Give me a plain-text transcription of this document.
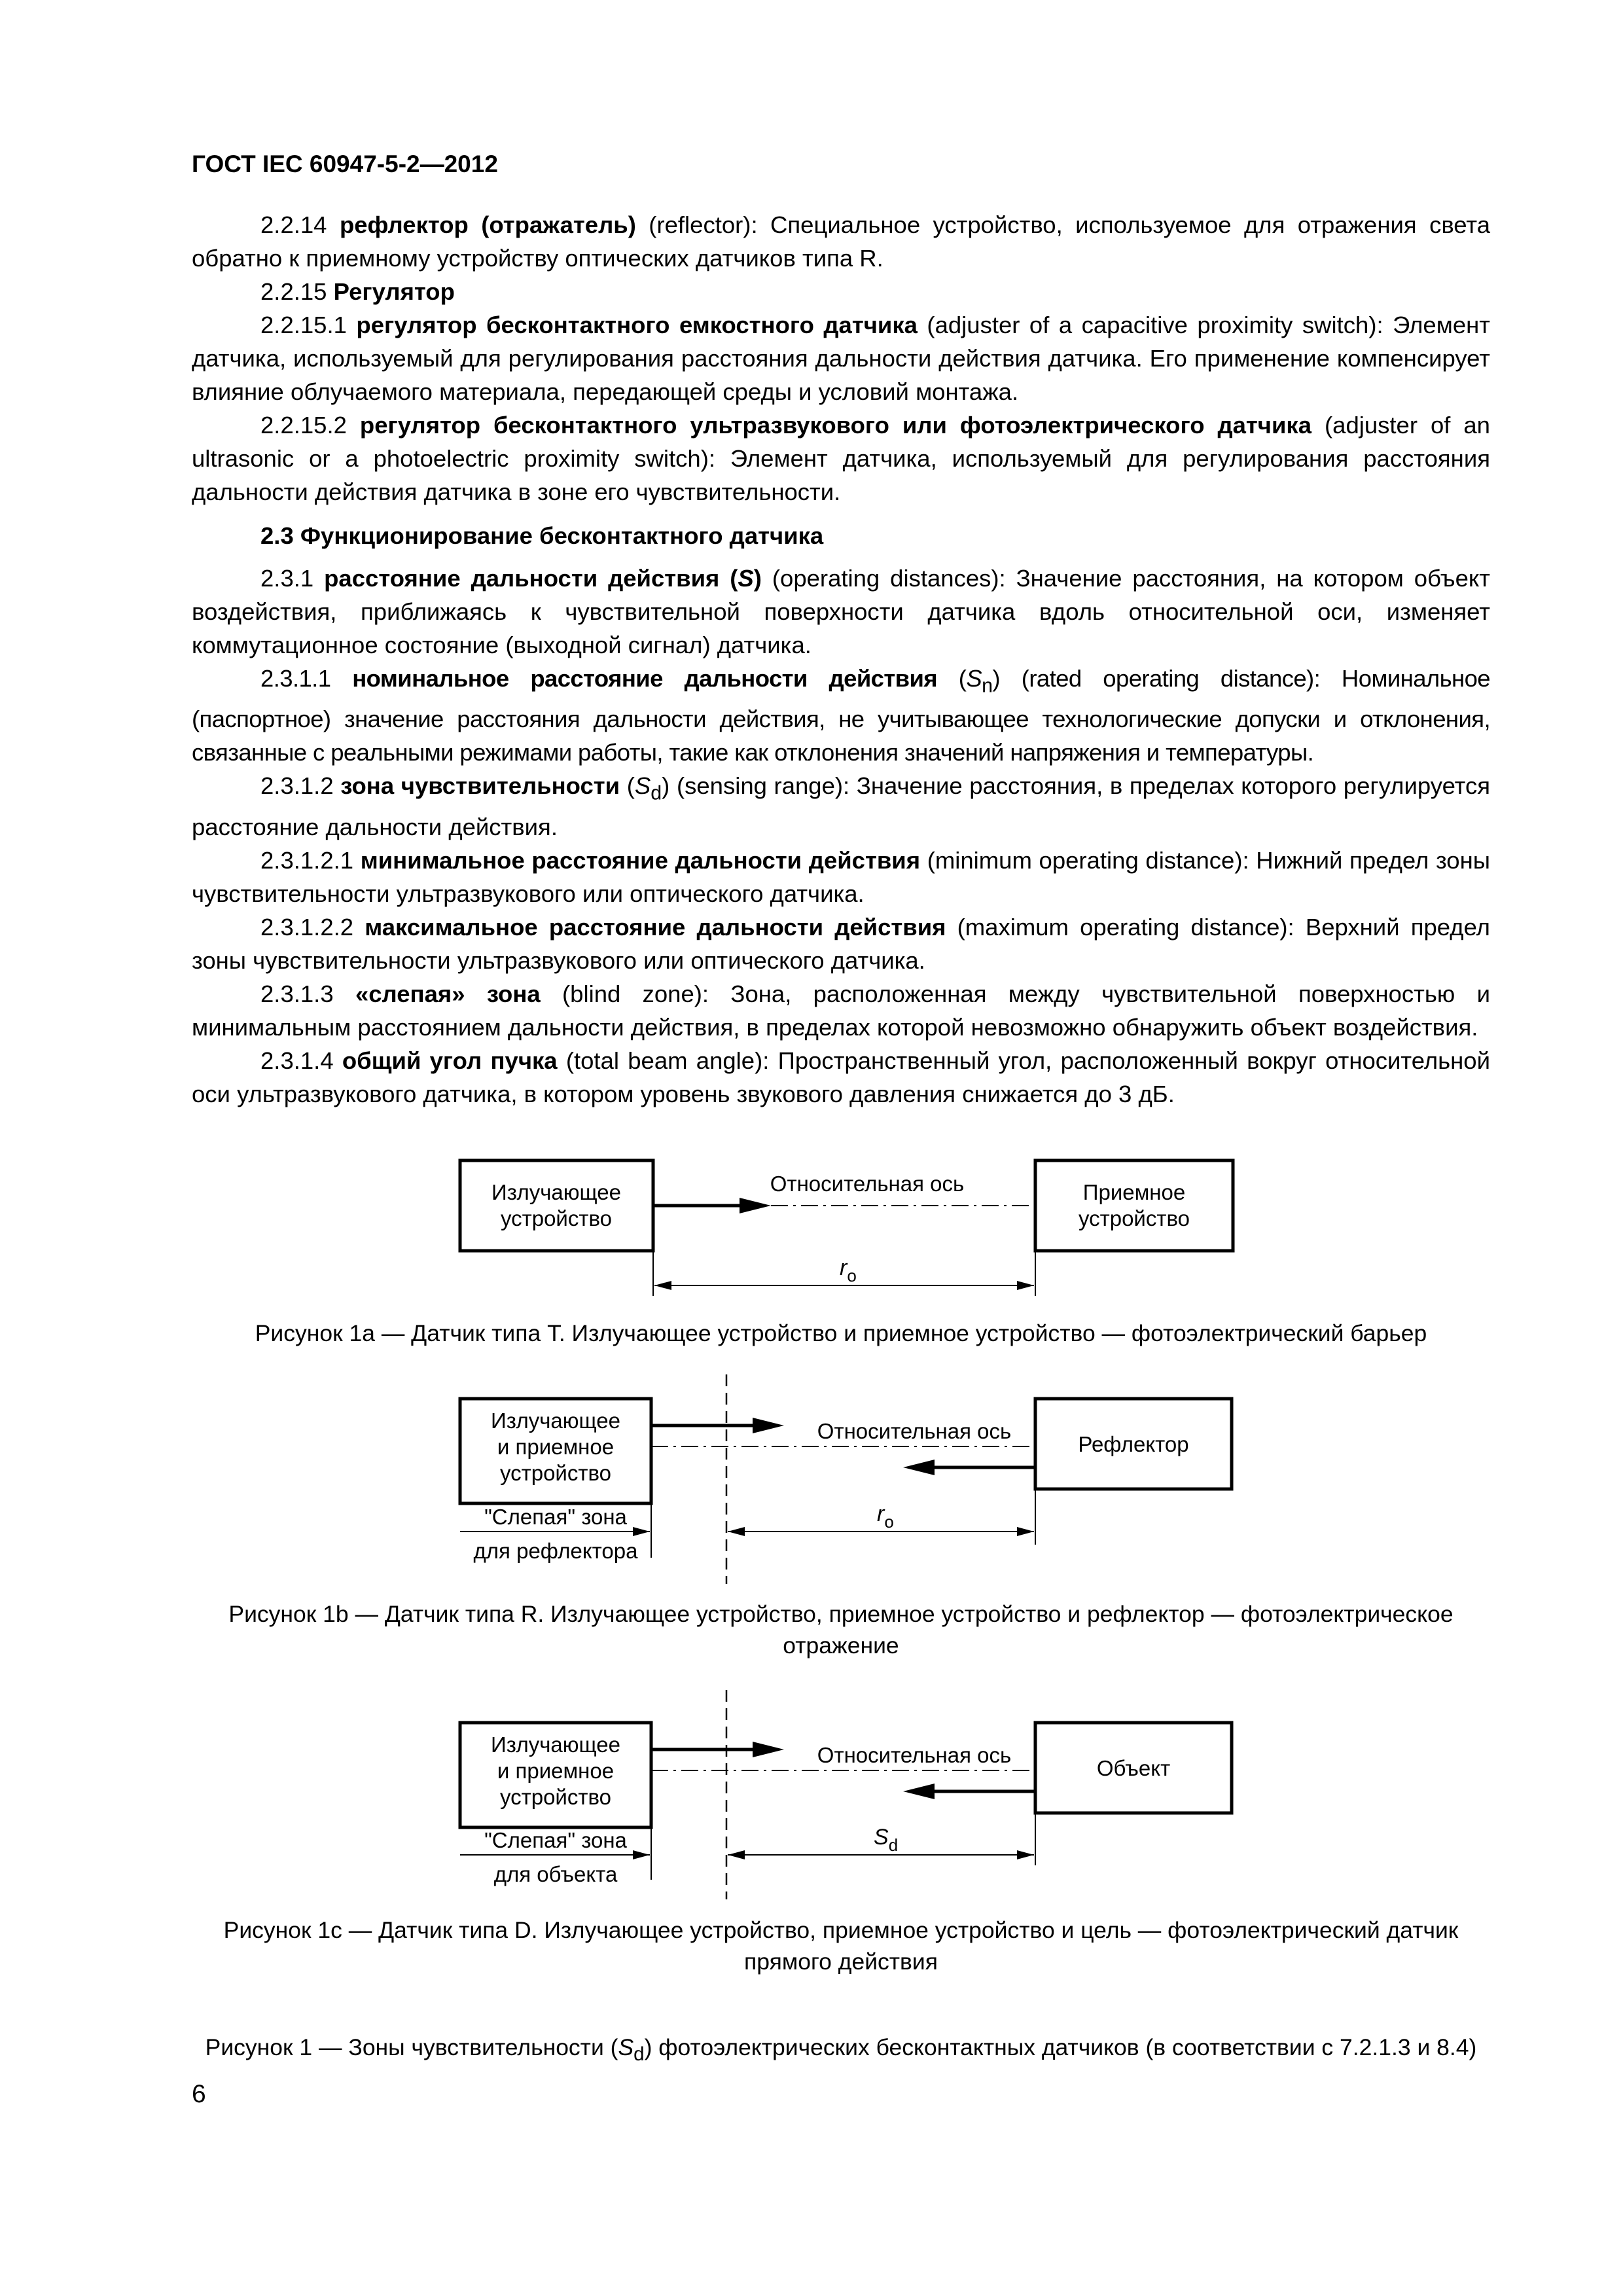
ГОСТ IEC 60947-5-2—2012

2.2.14 рефлектор (отражатель) (reflector): Специальное устройство, используемое для отражения света обратно к приемному устройству оптических датчиков типа R.

2.2.15 Регулятор

2.2.15.1 регулятор бесконтактного емкостного датчика (adjuster of a capacitive proximity switch): Элемент датчика, используемый для регулирования расстояния дальности действия датчика. Его применение компенсирует влияние облучаемого материала, передающей среды и условий монтажа.

2.2.15.2 регулятор бесконтактного ультразвукового или фотоэлектрического датчика (adjuster of an ultrasonic or a photoelectric proximity switch): Элемент датчика, используемый для регулирования расстояния дальности действия датчика в зоне его чувствительности.

2.3 Функционирование бесконтактного датчика

2.3.1 расстояние дальности действия (S) (operating distances): Значение расстояния, на котором объект воздействия, приближаясь к чувствительной поверхности датчика вдоль относительной оси, изменяет коммутационное состояние (выходной сигнал) датчика.

2.3.1.1 номинальное расстояние дальности действия $(S_n)$ (rated operating distance): Номинальное (паспортное) значение расстояния дальности действия, не учитывающее технологические допуски и отклонения, связанные с реальными режимами работы, такие как отклонения значений напряжения и температуры.

2.3.1.2 зона чувствительности $(S_d)$ (sensing range): Значение расстояния, в пределах которого регулируется расстояние дальности действия.

2.3.1.2.1 минимальное расстояние дальности действия (minimum operating distance): Нижний предел зоны чувствительности ультразвукового или оптического датчика.

2.3.1.2.2 максимальное расстояние дальности действия (maximum operating distance): Верхний предел зоны чувствительности ультразвукового или оптического датчика.

2.3.1.3 «слепая» зона (blind zone): Зона, расположенная между чувствительной поверхностью и минимальным расстоянием дальности действия, в пределах которой невозможно обнаружить объект воздействия.

2.3.1.4 общий угол пучка (total beam angle): Пространственный угол, расположенный вокруг относительной оси ультразвукового датчика, в котором уровень звукового давления снижается до 3 дБ.

Относительная ось
Излучающее
устройство
Приемное
устройство
$r_o$
Рисунок 1а — Датчик типа Т. Излучающее устройство и приемное устройство — фотоэлектрический барьер
Относительная ось
Излучающее
и приемное
устройство
Рефлектор
"Слепая" зона
для рефлектора
$r_o$
Рисунок 1b — Датчик типа R. Излучающее устройство, приемное устройство и рефлектор — фотоэлектрическое отражение
Относительная ось
Излучающее
и приемное
устройство
Объект
"Слепая" зона
для объекта
$S_d$
Рисунок 1c — Датчик типа D. Излучающее устройство, приемное устройство и цель — фотоэлектрический датчик прямого действия
Рисунок 1 — Зоны чувствительности $(S_d)$ фотоэлектрических бесконтактных датчиков (в соответствии с 7.2.1.3 и 8.4)
6
